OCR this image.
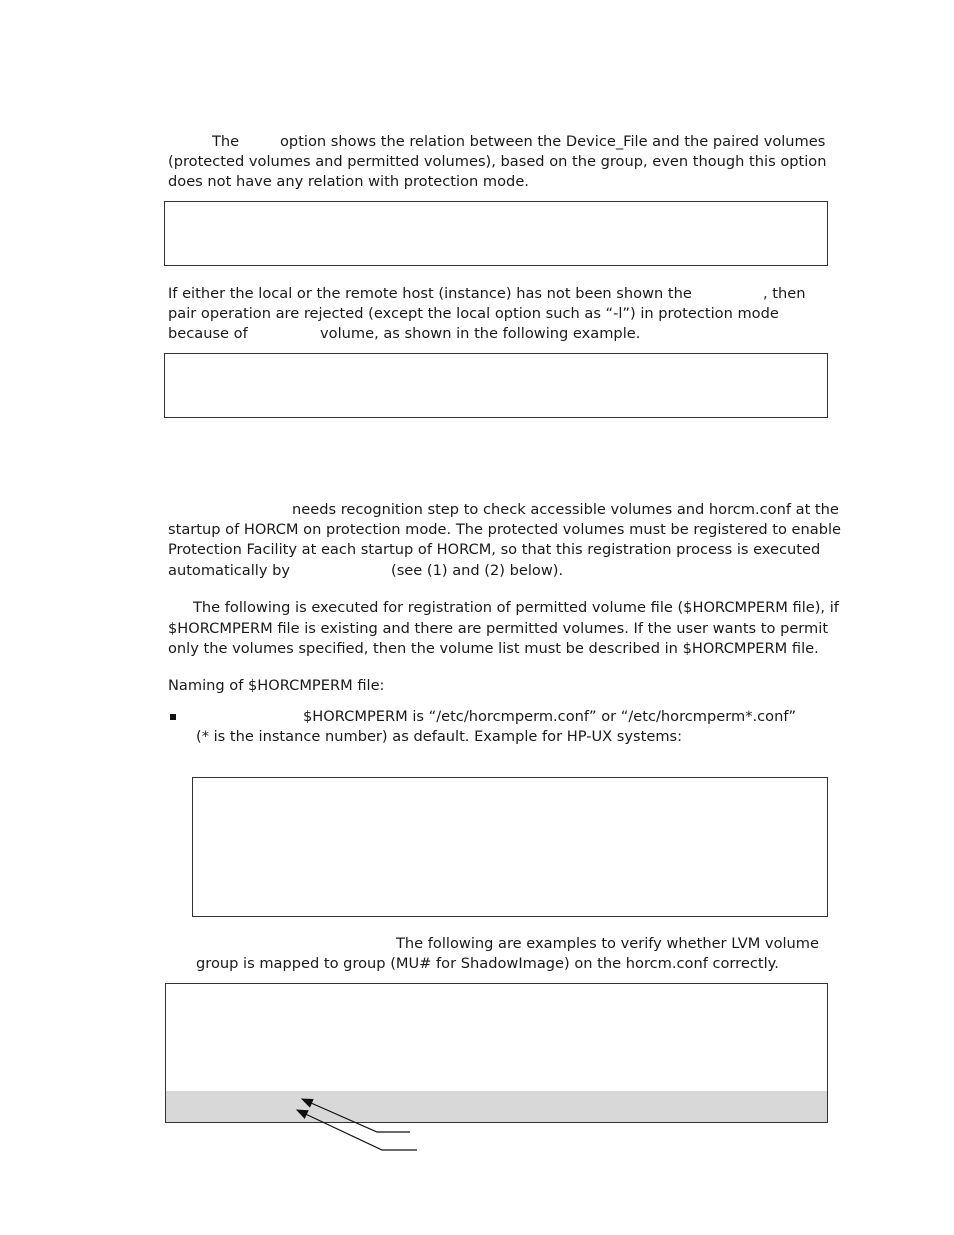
The	option shows the relation between the Device_File and the paired volumes
(protected volumes and permitted volumes), based on the group, even though this option
does not have any relation with protection mode.
If either the local or the remote host (instance) has not been shown the	, then
pair operation are rejected (except the local option such as “-l”) in protection mode
because of	volume, as shown in the following example.
needs recognition step to check accessible volumes and horcm.conf at the
startup of HORCM on protection mode. The protected volumes must be registered to enable
Protection Facility at each startup of HORCM, so that this registration process is executed
automatically by	(see (1) and (2) below).
The following is executed for registration of permitted volume file ($HORCMPERM file), if
$HORCMPERM file is existing and there are permitted volumes. If the user wants to permit
only the volumes specified, then the volume list must be described in $HORCMPERM file.
Naming of $HORCMPERM file:
$HORCMPERM is “/etc/horcmperm.conf” or “/etc/horcmperm*.conf”
(* is the instance number) as default. Example for HP-UX systems:
The following are examples to verify whether LVM volume
group is mapped to group (MU# for ShadowImage) on the horcm.conf correctly.
